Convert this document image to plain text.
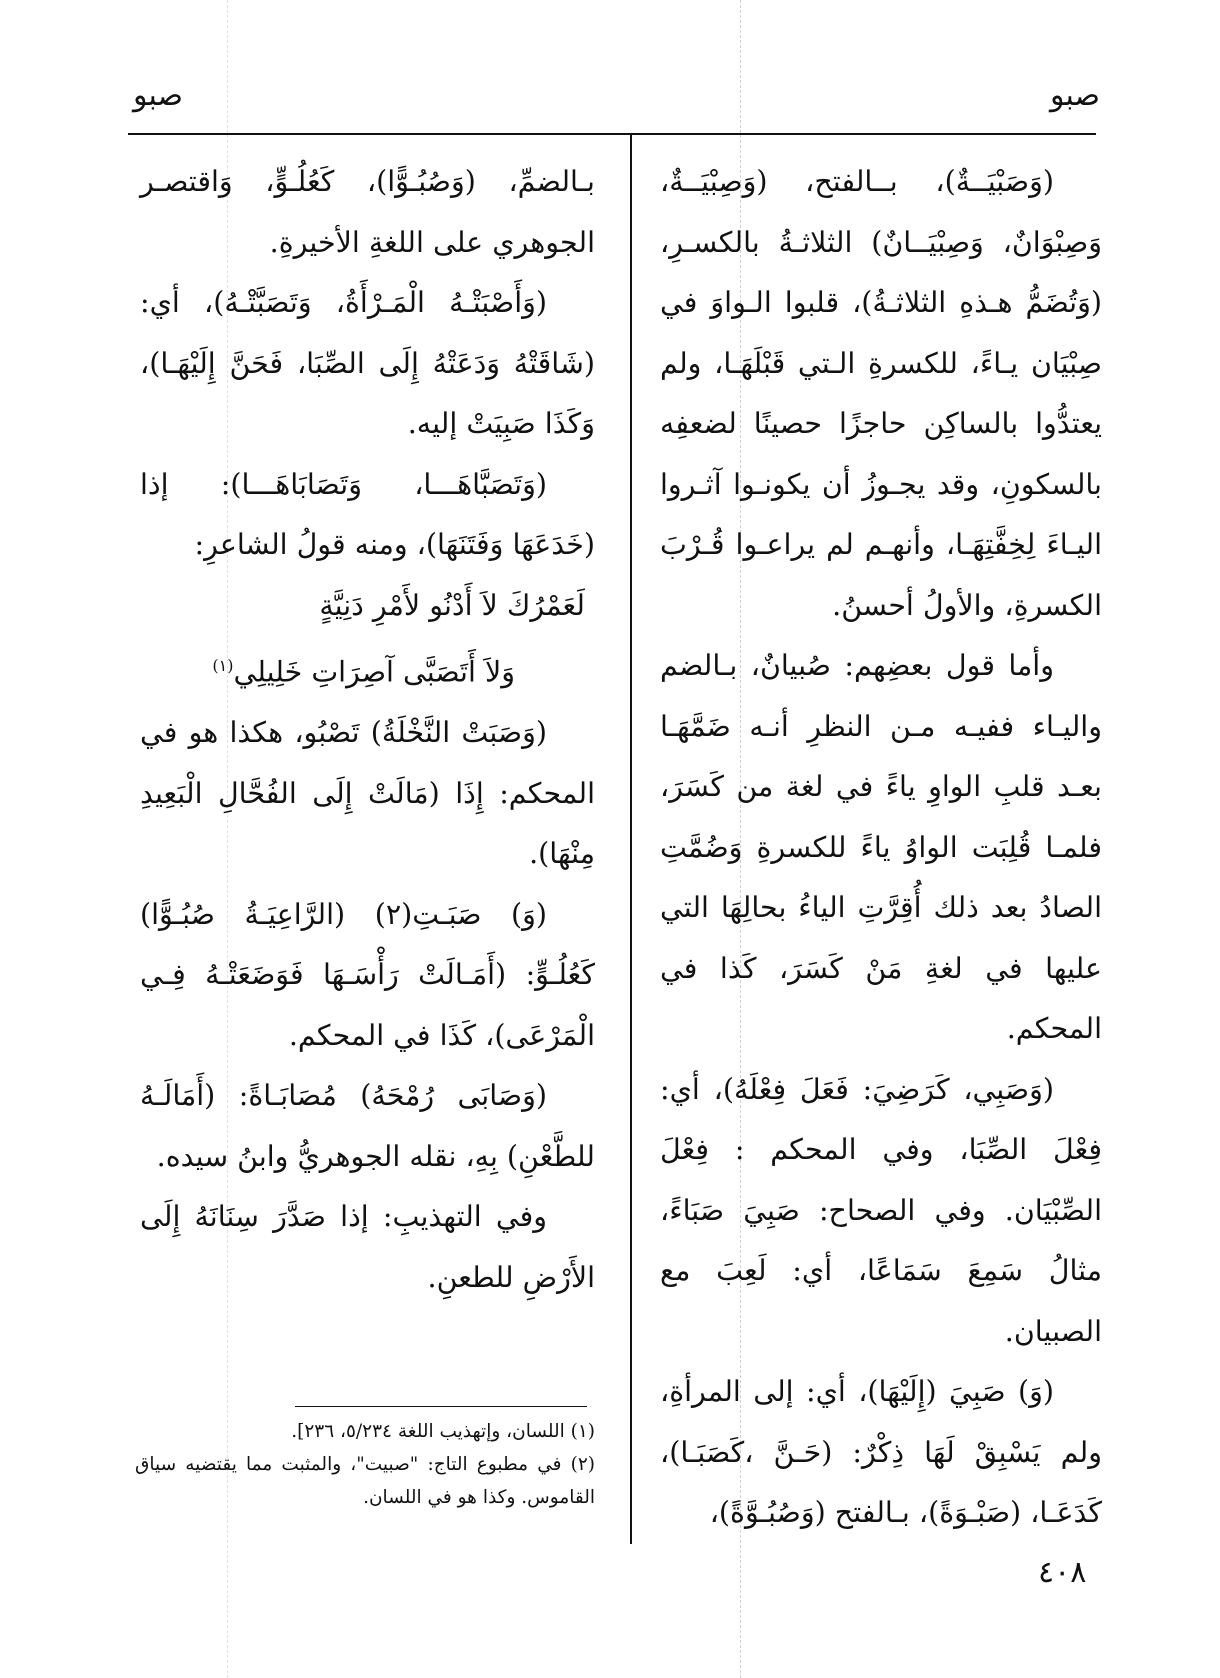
صبو
صبو

(وَصَبْيَــةٌ)، بــالفتح، (وَصِبْيَــةٌ، وَصِبْوَانٌ، وَصِبْيَــانٌ) الثلاثـةُ بالكسـرِ، (وَتُضَمُّ هـذهِ الثلاثـةُ)، قلبوا الـواوَ في صِبْيَان يـاءً، للكسرةِ الـتي قَبْلَهَـا، ولم يعتدُّوا بالساكِن حاجزًا حصينًا لضعفِه بالسكونِ، وقد يجـوزُ أن يكونـوا آثـروا اليـاءَ لِخِفَّتِهَـا، وأنهـم لم يراعـوا قُـرْبَ الكسرةِ، والأولُ أحسنُ.

وأما قول بعضِهم: صُبيانٌ، بـالضم واليـاء ففيـه مـن النظرِ أنـه ضَمَّهَـا بعـد قلبِ الواوِ ياءً في لغة من كَسَرَ، فلمـا قُلِبَت الواوُ ياءً للكسرةِ وَضُمَّتِ الصادُ بعد ذلك أُقِرَّتِ الياءُ بحالِهَا التي عليها في لغةِ مَنْ كَسَرَ، كَذا في المحكم.

(وَصَبِي، كَرَضِيَ: فَعَلَ فِعْلَهُ)، أي: فِعْلَ الصِّبَا، وفي المحكم : فِعْلَ الصِّبْيَان. وفي الصحاح: صَبِيَ صَبَاءً، مثالُ سَمِعَ سَمَاعًا، أي: لَعِبَ مع الصبيان.

(وَ) صَبِيَ (إِلَيْهَا)، أي: إلى المرأةِ، ولم يَسْبِقْ لَهَا ذِكْرٌ: (حَـنَّ ،كَصَبَـا)، كَدَعَـا، (صَبْـوَةً)، بـالفتح (وَصُبُـوَّةً)،

بـالضمِّ، (وَصُبُـوًّا)، كَعُلُـوٍّ، وَاقتصـر الجوهري على اللغةِ الأخيرةِ.

(وَأَصْبَتْـهُ الْمَـرْأَةُ، وَتَصَبَّتْـهُ)، أي: (شَاقَتْهُ وَدَعَتْهُ إِلَى الصِّبَا، فَحَنَّ إِلَيْهَـا)، وَكَذَا صَبِيَتْ إليه.

(وَتَصَبَّاهَـــا، وَتَصَابَاهَـــا): إذا (خَدَعَهَا وَفَتَنَهَا)، ومنه قولُ الشاعرِ:

لَعَمْرُكَ لاَ أَدْنُو لأَمْرِ دَنِيَّةٍ

وَلاَ أَتَصَبَّى آصِرَاتِ خَلِيلِي$^{(١)}$

(وَصَبَتْ النَّخْلَةُ) تَصْبُو، هكذا هو في المحكم: إِذَا (مَالَتْ إِلَى الفُحَّالِ الْبَعِيدِ مِنْهَا).

(وَ) صَبَـتِ(٢) (الرَّاعِيَـةُ صُبُـوًّا) كَعُلُـوٍّ: (أَمَـالَتْ رَأْسَـهَا فَوَضَعَتْـهُ فِـي الْمَرْعَى)، كَذَا في المحكم.

(وَصَابَى رُمْحَهُ) مُصَابَـاةً: (أَمَالَـهُ للطَّعْنِ) بِهِ، نقله الجوهريُّ وابنُ سيده.

وفي التهذيبِ: إذا صَدَّرَ سِنَانَهُ إِلَى الأَرْضِ للطعنِ.

(١) اللسان، وإتهذيب اللغة ٥/٢٣٤، ٢٣٦].

(٢) في مطبوع التاج: "صبيت"، والمثبت مما يقتضيه سياق القاموس. وكذا هو في اللسان.

٤٠٨
